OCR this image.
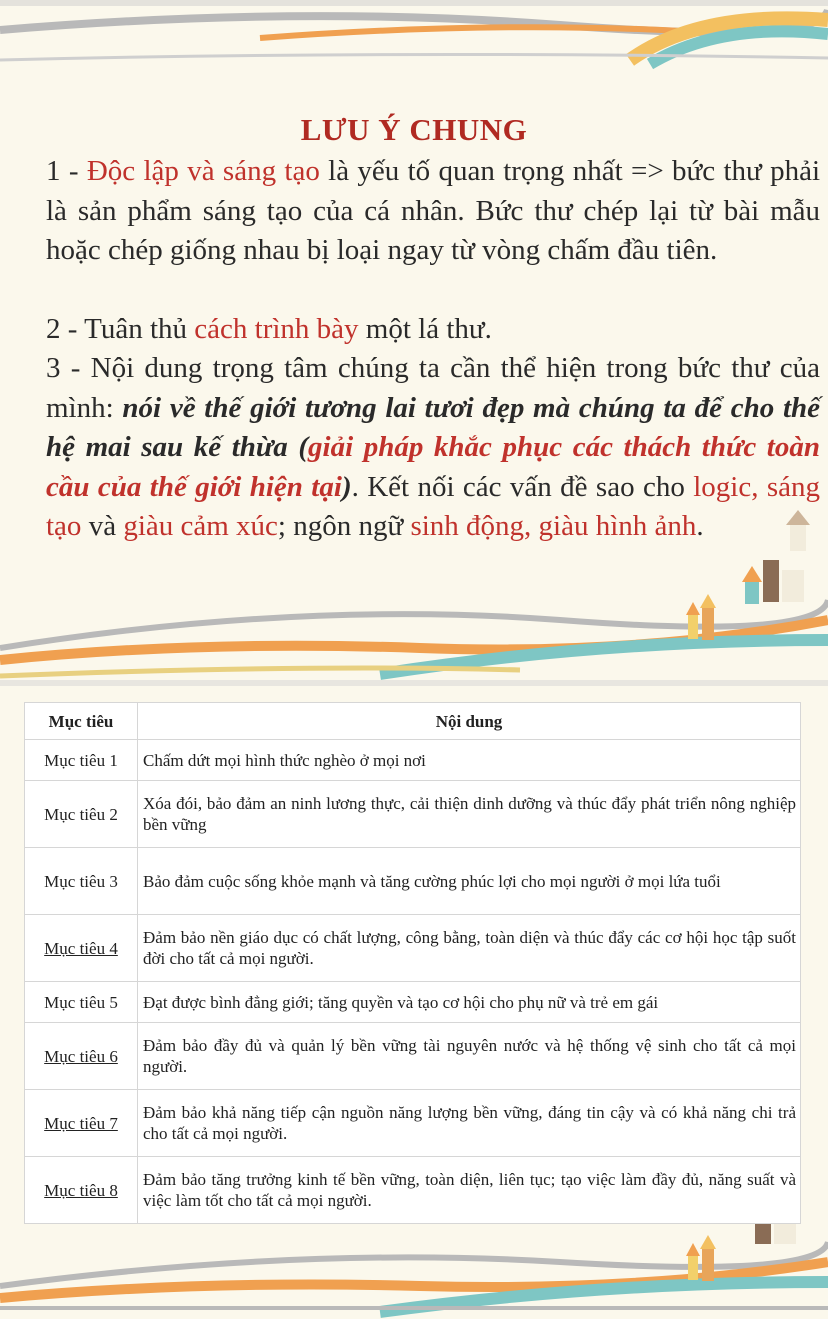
LƯU Ý CHUNG
1 - Độc lập và sáng tạo là yếu tố quan trọng nhất => bức thư phải là sản phẩm sáng tạo của cá nhân. Bức thư chép lại từ bài mẫu hoặc chép giống nhau bị loại ngay từ vòng chấm đầu tiên.
2 - Tuân thủ cách trình bày một lá thư.
3 - Nội dung trọng tâm chúng ta cần thể hiện trong bức thư của mình: nói về thế giới tương lai tươi đẹp mà chúng ta để cho thế hệ mai sau kế thừa (giải pháp khắc phục các thách thức toàn cầu của thế giới hiện tại). Kết nối các vấn đề sao cho logic, sáng tạo và giàu cảm xúc; ngôn ngữ sinh động, giàu hình ảnh.
Mục tiêu	Nội dung
Mục tiêu 1	Chấm dứt mọi hình thức nghèo ở mọi nơi
Mục tiêu 2	Xóa đói, bảo đảm an ninh lương thực, cải thiện dinh dưỡng và thúc đẩy phát triển nông nghiệp bền vững
Mục tiêu 3	Bảo đảm cuộc sống khỏe mạnh và tăng cường phúc lợi cho mọi người ở mọi lứa tuổi
Mục tiêu 4	Đảm bảo nền giáo dục có chất lượng, công bằng, toàn diện và thúc đẩy các cơ hội học tập suốt đời cho tất cả mọi người.
Mục tiêu 5	Đạt được bình đẳng giới; tăng quyền và tạo cơ hội cho phụ nữ và trẻ em gái
Mục tiêu 6	Đảm bảo đầy đủ và quản lý bền vững tài nguyên nước và hệ thống vệ sinh cho tất cả mọi người.
Mục tiêu 7	Đảm bảo khả năng tiếp cận nguồn năng lượng bền vững, đáng tin cậy và có khả năng chi trả cho tất cả mọi người.
Mục tiêu 8	Đảm bảo tăng trưởng kinh tế bền vững, toàn diện, liên tục; tạo việc làm đầy đủ, năng suất và việc làm tốt cho tất cả mọi người.
